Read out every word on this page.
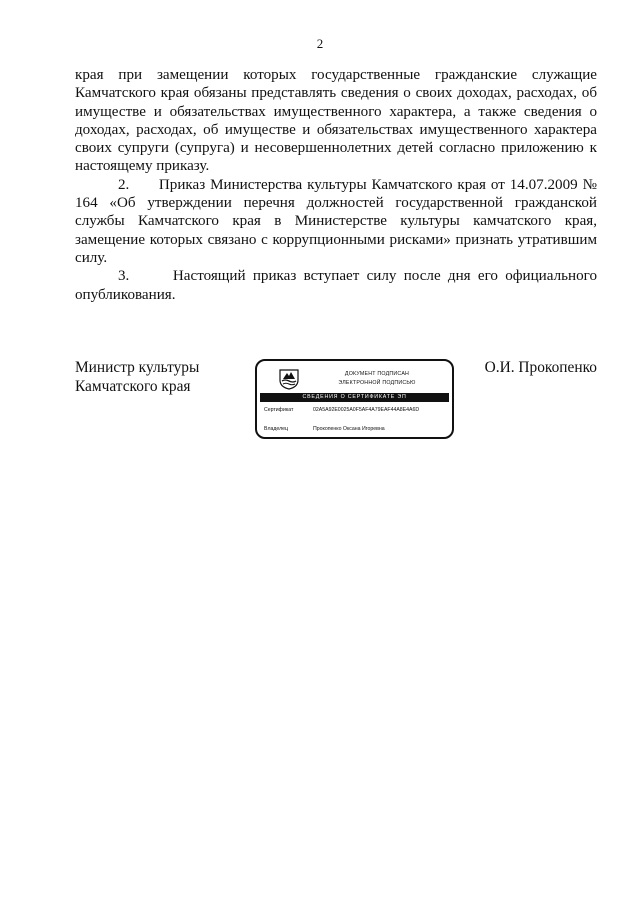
2

края при замещении которых государственные гражданские служащие Камчатского края обязаны представлять сведения о своих доходах, расходах, об имуществе и обязательствах имущественного характера, а также сведения о доходах, расходах, об имуществе и обязательствах имущественного характера своих супруги (супруга) и несовершеннолетних детей согласно приложению к настоящему приказу.

2.      Приказ Министерства культуры Камчатского края от 14.07.2009 № 164 «Об утверждении перечня должностей государственной гражданской службы Камчатского края в Министерстве культуры камчатского края, замещение которых связано с коррупционными рисками» признать утратившим силу.

3.      Настоящий приказ вступает силу после дня его официального опубликования.

Министр культуры
Камчатского края
ДОКУМЕНТ ПОДПИСАН
ЭЛЕКТРОННОЙ ПОДПИСЬЮ
СВЕДЕНИЯ О СЕРТИФИКАТЕ ЭП
Сертификат	02A5A92E0025A0F5AF4A79EAF44A8E4A6D
Владелец	Прокопенко Оксана Игоревна
О.И. Прокопенко
